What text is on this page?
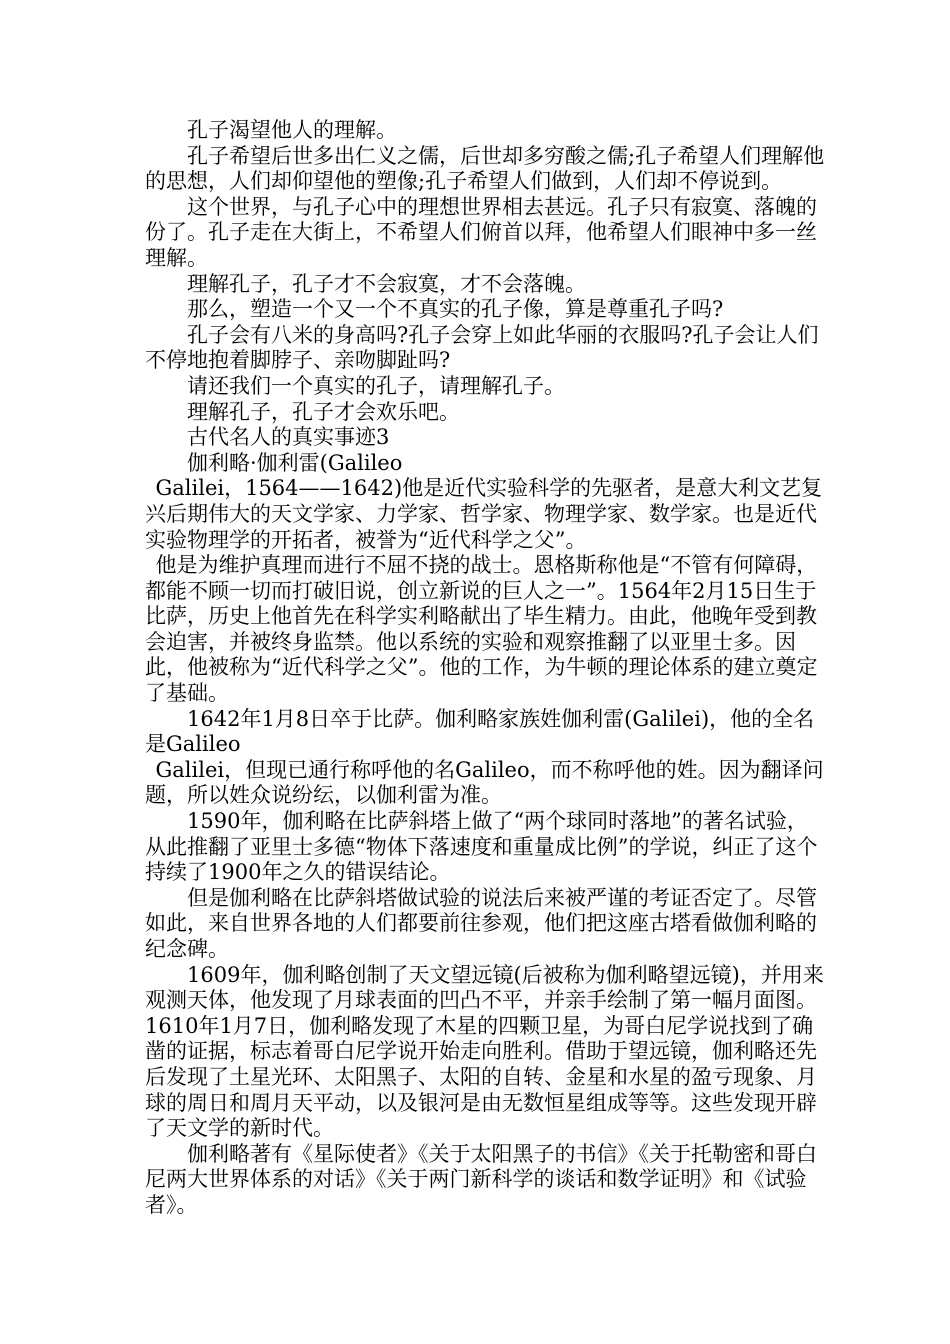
孔子渴望他人的理解。

孔子希望后世多出仁义之儒，后世却多穷酸之儒;孔子希望人们理解他的思想，人们却仰望他的塑像;孔子希望人们做到，人们却不停说到。

这个世界，与孔子心中的理想世界相去甚远。孔子只有寂寞、落魄的份了。孔子走在大街上，不希望人们俯首以拜，他希望人们眼神中多一丝理解。

理解孔子，孔子才不会寂寞，才不会落魄。

那么，塑造一个又一个不真实的孔子像，算是尊重孔子吗?

孔子会有八米的身高吗?孔子会穿上如此华丽的衣服吗?孔子会让人们不停地抱着脚脖子、亲吻脚趾吗?

请还我们一个真实的孔子，请理解孔子。

理解孔子，孔子才会欢乐吧。

古代名人的真实事迹3

伽利略·伽利雷(Galileo

Galilei，1564——1642)他是近代实验科学的先驱者，是意大利文艺复兴后期伟大的天文学家、力学家、哲学家、物理学家、数学家。也是近代实验物理学的开拓者，被誉为“近代科学之父”。

他是为维护真理而进行不屈不挠的战士。恩格斯称他是“不管有何障碍，都能不顾一切而打破旧说，创立新说的巨人之一”。1564年2月15日生于比萨，历史上他首先在科学实利略献出了毕生精力。由此，他晚年受到教会迫害，并被终身监禁。他以系统的实验和观察推翻了以亚里士多。因此，他被称为“近代科学之父”。他的工作，为牛顿的理论体系的建立奠定了基础。

1642年1月8日卒于比萨。伽利略家族姓伽利雷(Galilei)，他的全名是Galileo

Galilei，但现已通行称呼他的名Galileo，而不称呼他的姓。因为翻译问题，所以姓众说纷纭，以伽利雷为准。

1590年，伽利略在比萨斜塔上做了“两个球同时落地”的著名试验，从此推翻了亚里士多德“物体下落速度和重量成比例”的学说，纠正了这个持续了1900年之久的错误结论。

但是伽利略在比萨斜塔做试验的说法后来被严谨的考证否定了。尽管如此，来自世界各地的人们都要前往参观，他们把这座古塔看做伽利略的纪念碑。

1609年，伽利略创制了天文望远镜(后被称为伽利略望远镜)，并用来观测天体，他发现了月球表面的凹凸不平，并亲手绘制了第一幅月面图。1610年1月7日，伽利略发现了木星的四颗卫星，为哥白尼学说找到了确凿的证据，标志着哥白尼学说开始走向胜利。借助于望远镜，伽利略还先后发现了土星光环、太阳黑子、太阳的自转、金星和水星的盈亏现象、月球的周日和周月天平动，以及银河是由无数恒星组成等等。这些发现开辟了天文学的新时代。

伽利略著有《星际使者》《关于太阳黑子的书信》《关于托勒密和哥白尼两大世界体系的对话》《关于两门新科学的谈话和数学证明》和《试验者》。
